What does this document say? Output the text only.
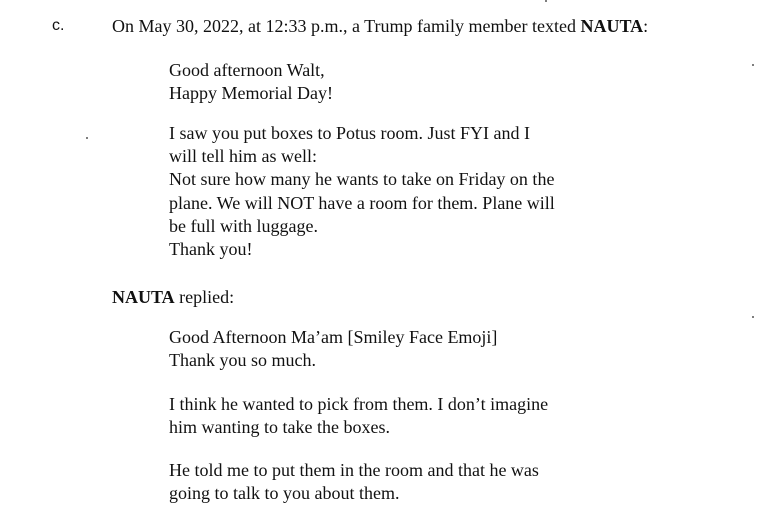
c.	On May 30, 2022, at 12:33 p.m., a Trump family member texted NAUTA:
Good afternoon Walt,
Happy Memorial Day!
I saw you put boxes to Potus room. Just FYI and I
will tell him as well:
Not sure how many he wants to take on Friday on the
plane. We will NOT have a room for them. Plane will
be full with luggage.
Thank you!
NAUTA replied:
Good Afternoon Ma’am [Smiley Face Emoji]
Thank you so much.
I think he wanted to pick from them. I don’t imagine
him wanting to take the boxes.
He told me to put them in the room and that he was
going to talk to you about them.
